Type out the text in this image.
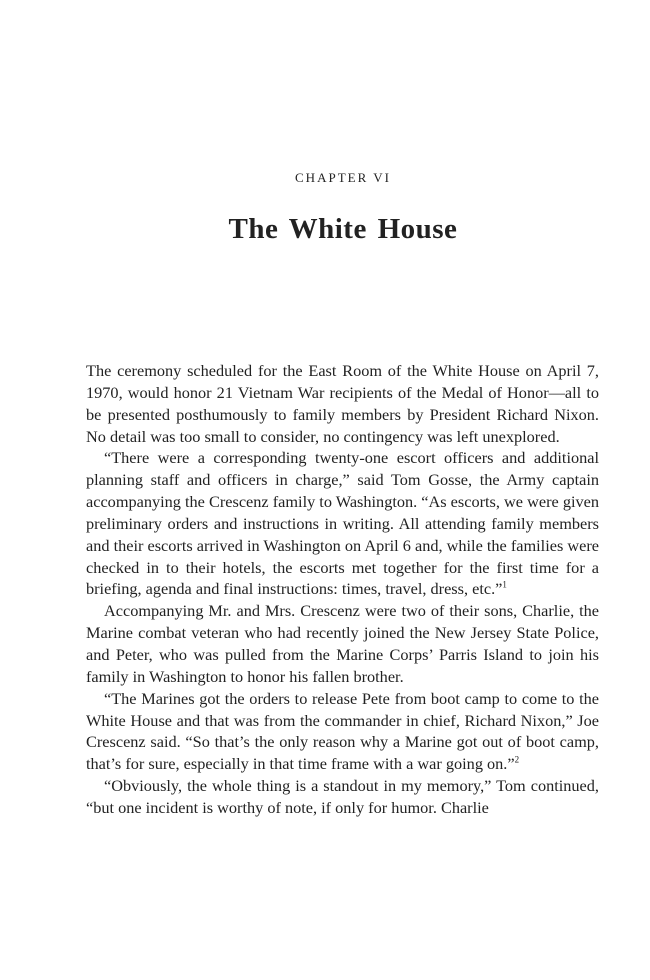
CHAPTER VI
The White House

The ceremony scheduled for the East Room of the White House on April 7, 1970, would honor 21 Vietnam War recipients of the Medal of Honor—all to be presented posthumously to family members by President Richard Nixon. No detail was too small to consider, no contingency was left unexplored.

“There were a corresponding twenty-one escort officers and additional planning staff and officers in charge,” said Tom Gosse, the Army captain accompanying the Crescenz family to Washington. “As escorts, we were given preliminary orders and instructions in writing. All attending family members and their escorts arrived in Washington on April 6 and, while the families were checked in to their hotels, the escorts met together for the first time for a briefing, agenda and final instructions: times, travel, dress, etc.”$^1$

Accompanying Mr. and Mrs. Crescenz were two of their sons, Charlie, the Marine combat veteran who had recently joined the New Jersey State Police, and Peter, who was pulled from the Marine Corps’ Parris Island to join his family in Washington to honor his fallen brother.

“The Marines got the orders to release Pete from boot camp to come to the White House and that was from the commander in chief, Richard Nixon,” Joe Crescenz said. “So that’s the only reason why a Marine got out of boot camp, that’s for sure, especially in that time frame with a war going on.”$^2$

“Obviously, the whole thing is a standout in my memory,” Tom continued, “but one incident is worthy of note, if only for humor. Charlie
